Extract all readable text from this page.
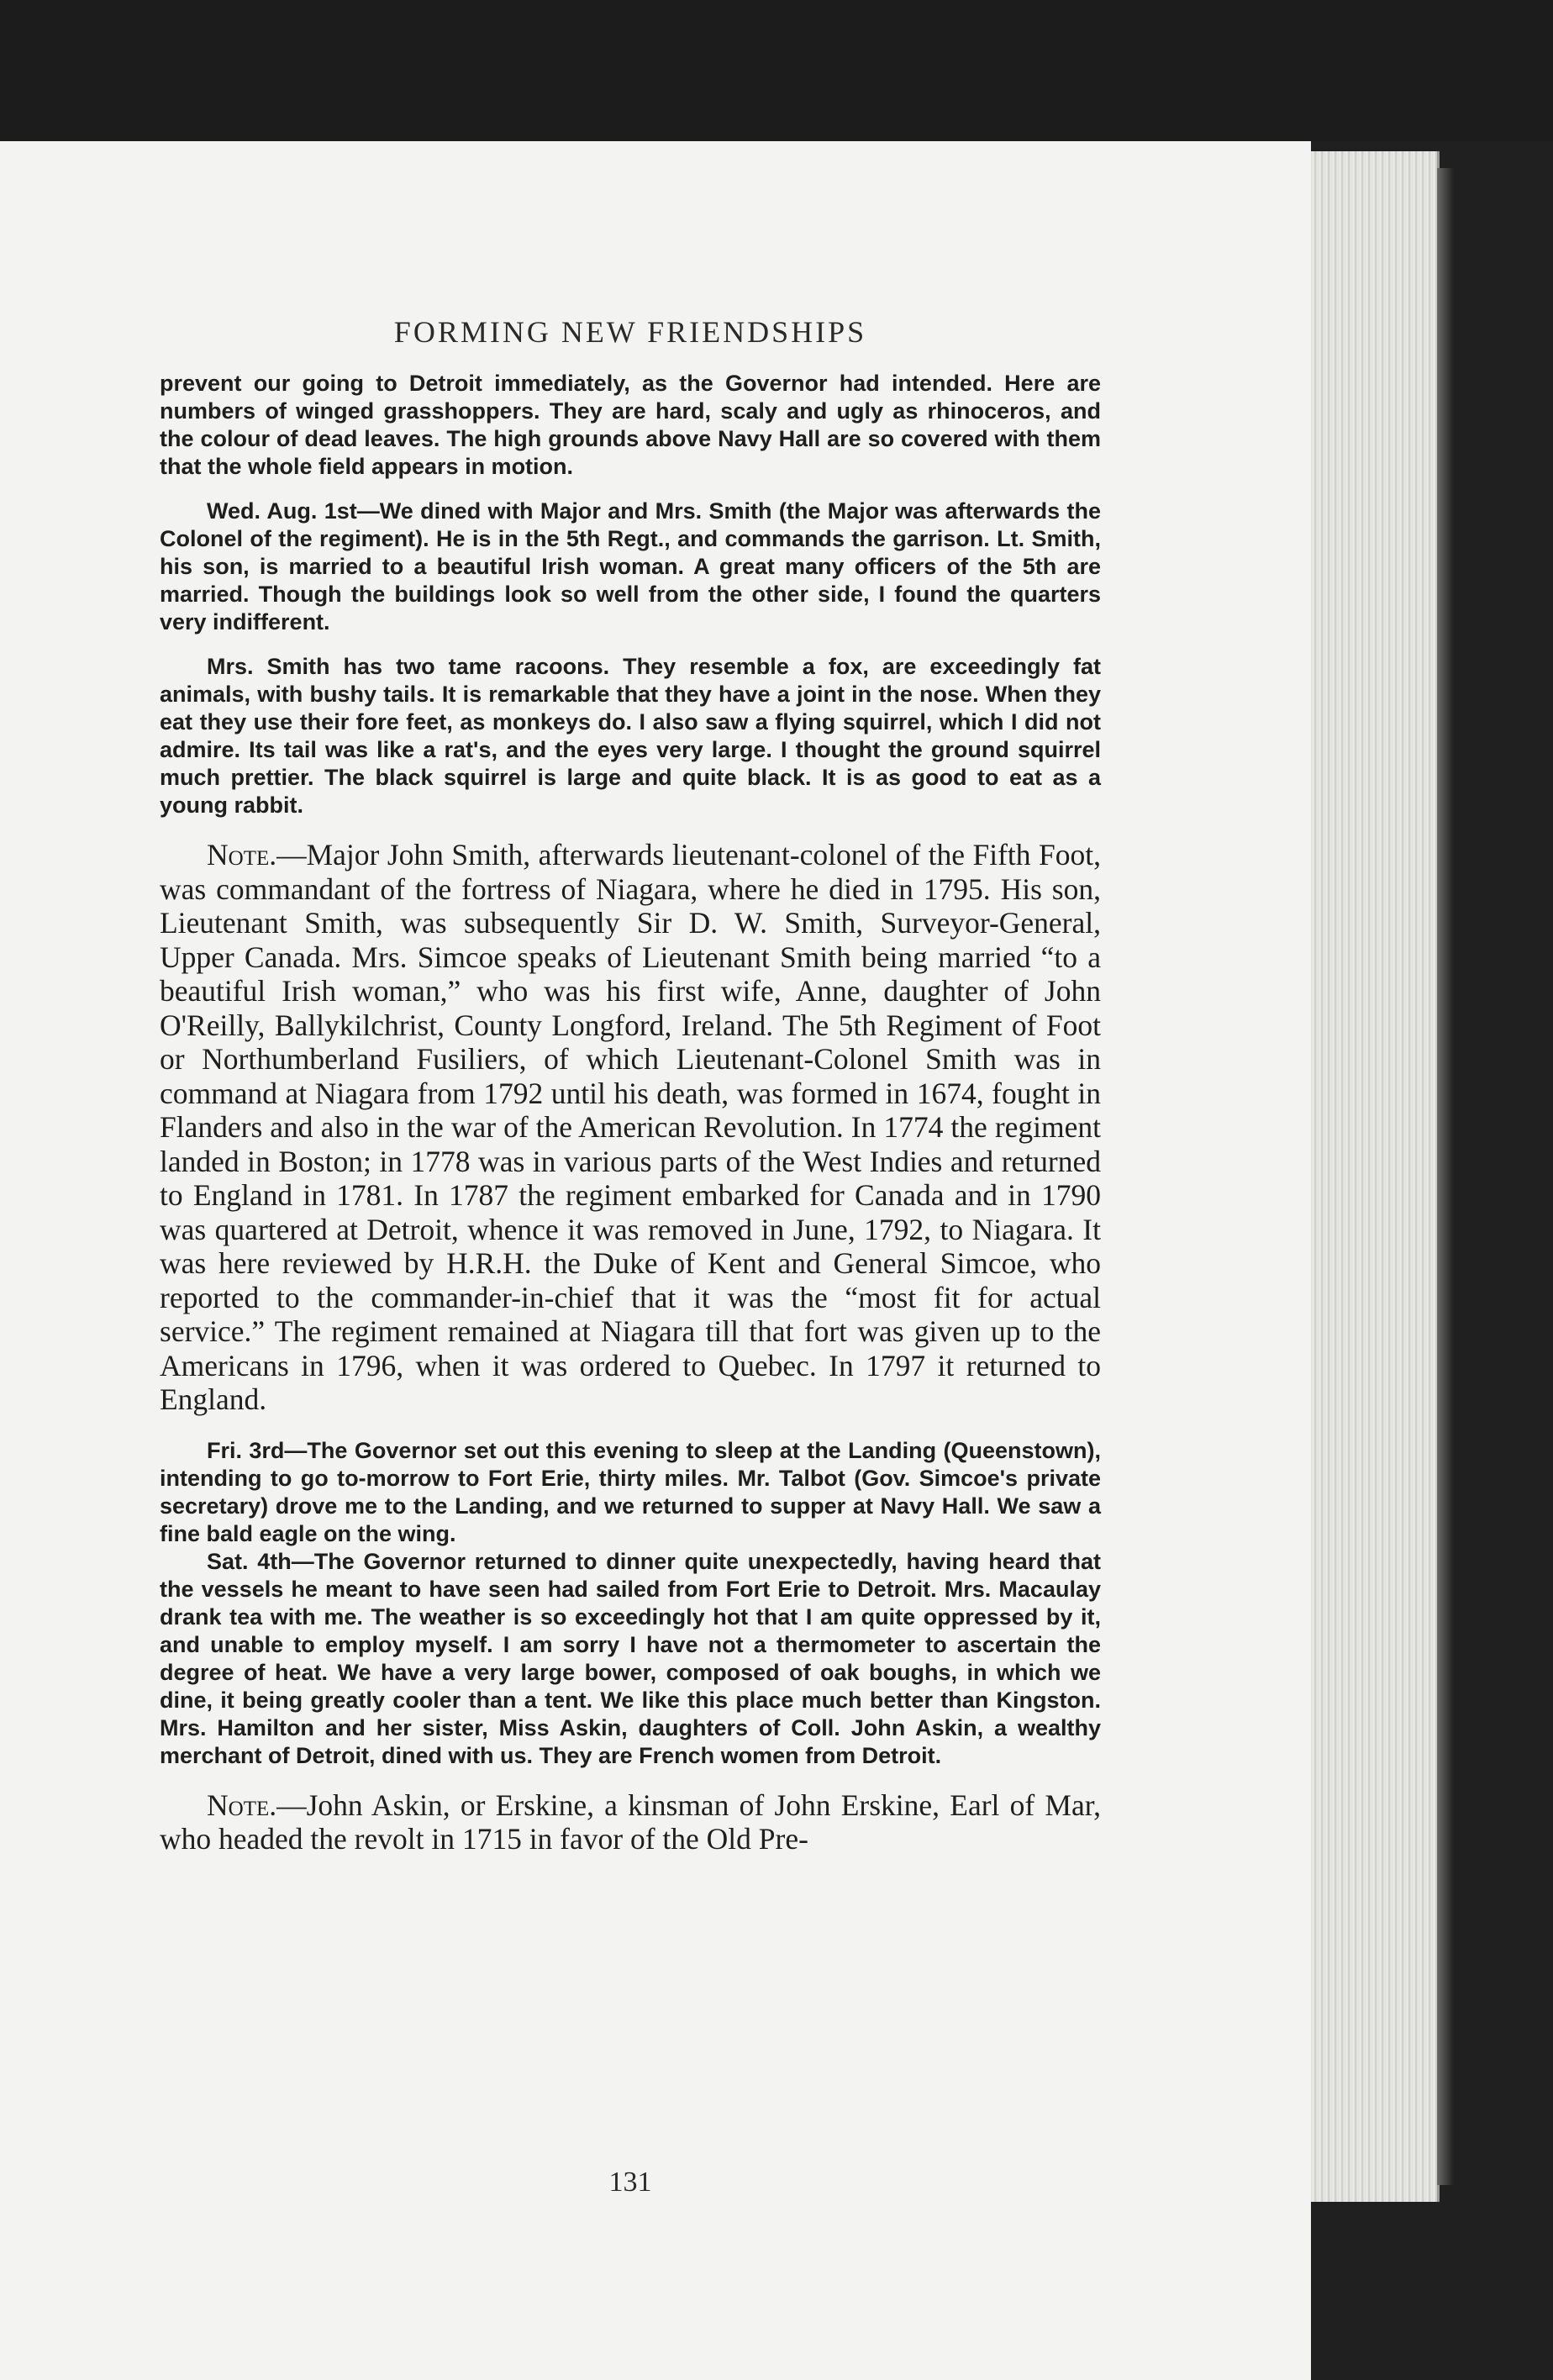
FORMING NEW FRIENDSHIPS

prevent our going to Detroit immediately, as the Governor had intended. Here are numbers of winged grasshoppers. They are hard, scaly and ugly as rhinoceros, and the colour of dead leaves. The high grounds above Navy Hall are so covered with them that the whole field appears in motion.

Wed. Aug. 1st—We dined with Major and Mrs. Smith (the Major was afterwards the Colonel of the regiment). He is in the 5th Regt., and commands the garrison. Lt. Smith, his son, is married to a beautiful Irish woman. A great many officers of the 5th are married. Though the buildings look so well from the other side, I found the quarters very indifferent.

Mrs. Smith has two tame racoons. They resemble a fox, are exceedingly fat animals, with bushy tails. It is remarkable that they have a joint in the nose. When they eat they use their fore feet, as monkeys do. I also saw a flying squirrel, which I did not admire. Its tail was like a rat's, and the eyes very large. I thought the ground squirrel much prettier. The black squirrel is large and quite black. It is as good to eat as a young rabbit.

Note.—Major John Smith, afterwards lieutenant-colonel of the Fifth Foot, was commandant of the fortress of Niagara, where he died in 1795. His son, Lieutenant Smith, was subsequently Sir D. W. Smith, Surveyor-General, Upper Canada. Mrs. Simcoe speaks of Lieutenant Smith being married “to a beautiful Irish woman,” who was his first wife, Anne, daughter of John O'Reilly, Ballykilchrist, County Longford, Ireland. The 5th Regiment of Foot or Northumberland Fusiliers, of which Lieutenant-Colonel Smith was in command at Niagara from 1792 until his death, was formed in 1674, fought in Flanders and also in the war of the American Revolution. In 1774 the regiment landed in Boston; in 1778 was in various parts of the West Indies and returned to England in 1781. In 1787 the regiment embarked for Canada and in 1790 was quartered at Detroit, whence it was removed in June, 1792, to Niagara. It was here reviewed by H.R.H. the Duke of Kent and General Simcoe, who reported to the commander-in-chief that it was the “most fit for actual service.” The regiment remained at Niagara till that fort was given up to the Americans in 1796, when it was ordered to Quebec. In 1797 it returned to England.

Fri. 3rd—The Governor set out this evening to sleep at the Landing (Queenstown), intending to go to-morrow to Fort Erie, thirty miles. Mr. Talbot (Gov. Simcoe's private secretary) drove me to the Landing, and we returned to supper at Navy Hall. We saw a fine bald eagle on the wing.

Sat. 4th—The Governor returned to dinner quite unexpectedly, having heard that the vessels he meant to have seen had sailed from Fort Erie to Detroit. Mrs. Macaulay drank tea with me. The weather is so exceedingly hot that I am quite oppressed by it, and unable to employ myself. I am sorry I have not a thermometer to ascertain the degree of heat. We have a very large bower, composed of oak boughs, in which we dine, it being greatly cooler than a tent. We like this place much better than Kingston. Mrs. Hamilton and her sister, Miss Askin, daughters of Coll. John Askin, a wealthy merchant of Detroit, dined with us. They are French women from Detroit.

Note.—John Askin, or Erskine, a kinsman of John Erskine, Earl of Mar, who headed the revolt in 1715 in favor of the Old Pre-

131
